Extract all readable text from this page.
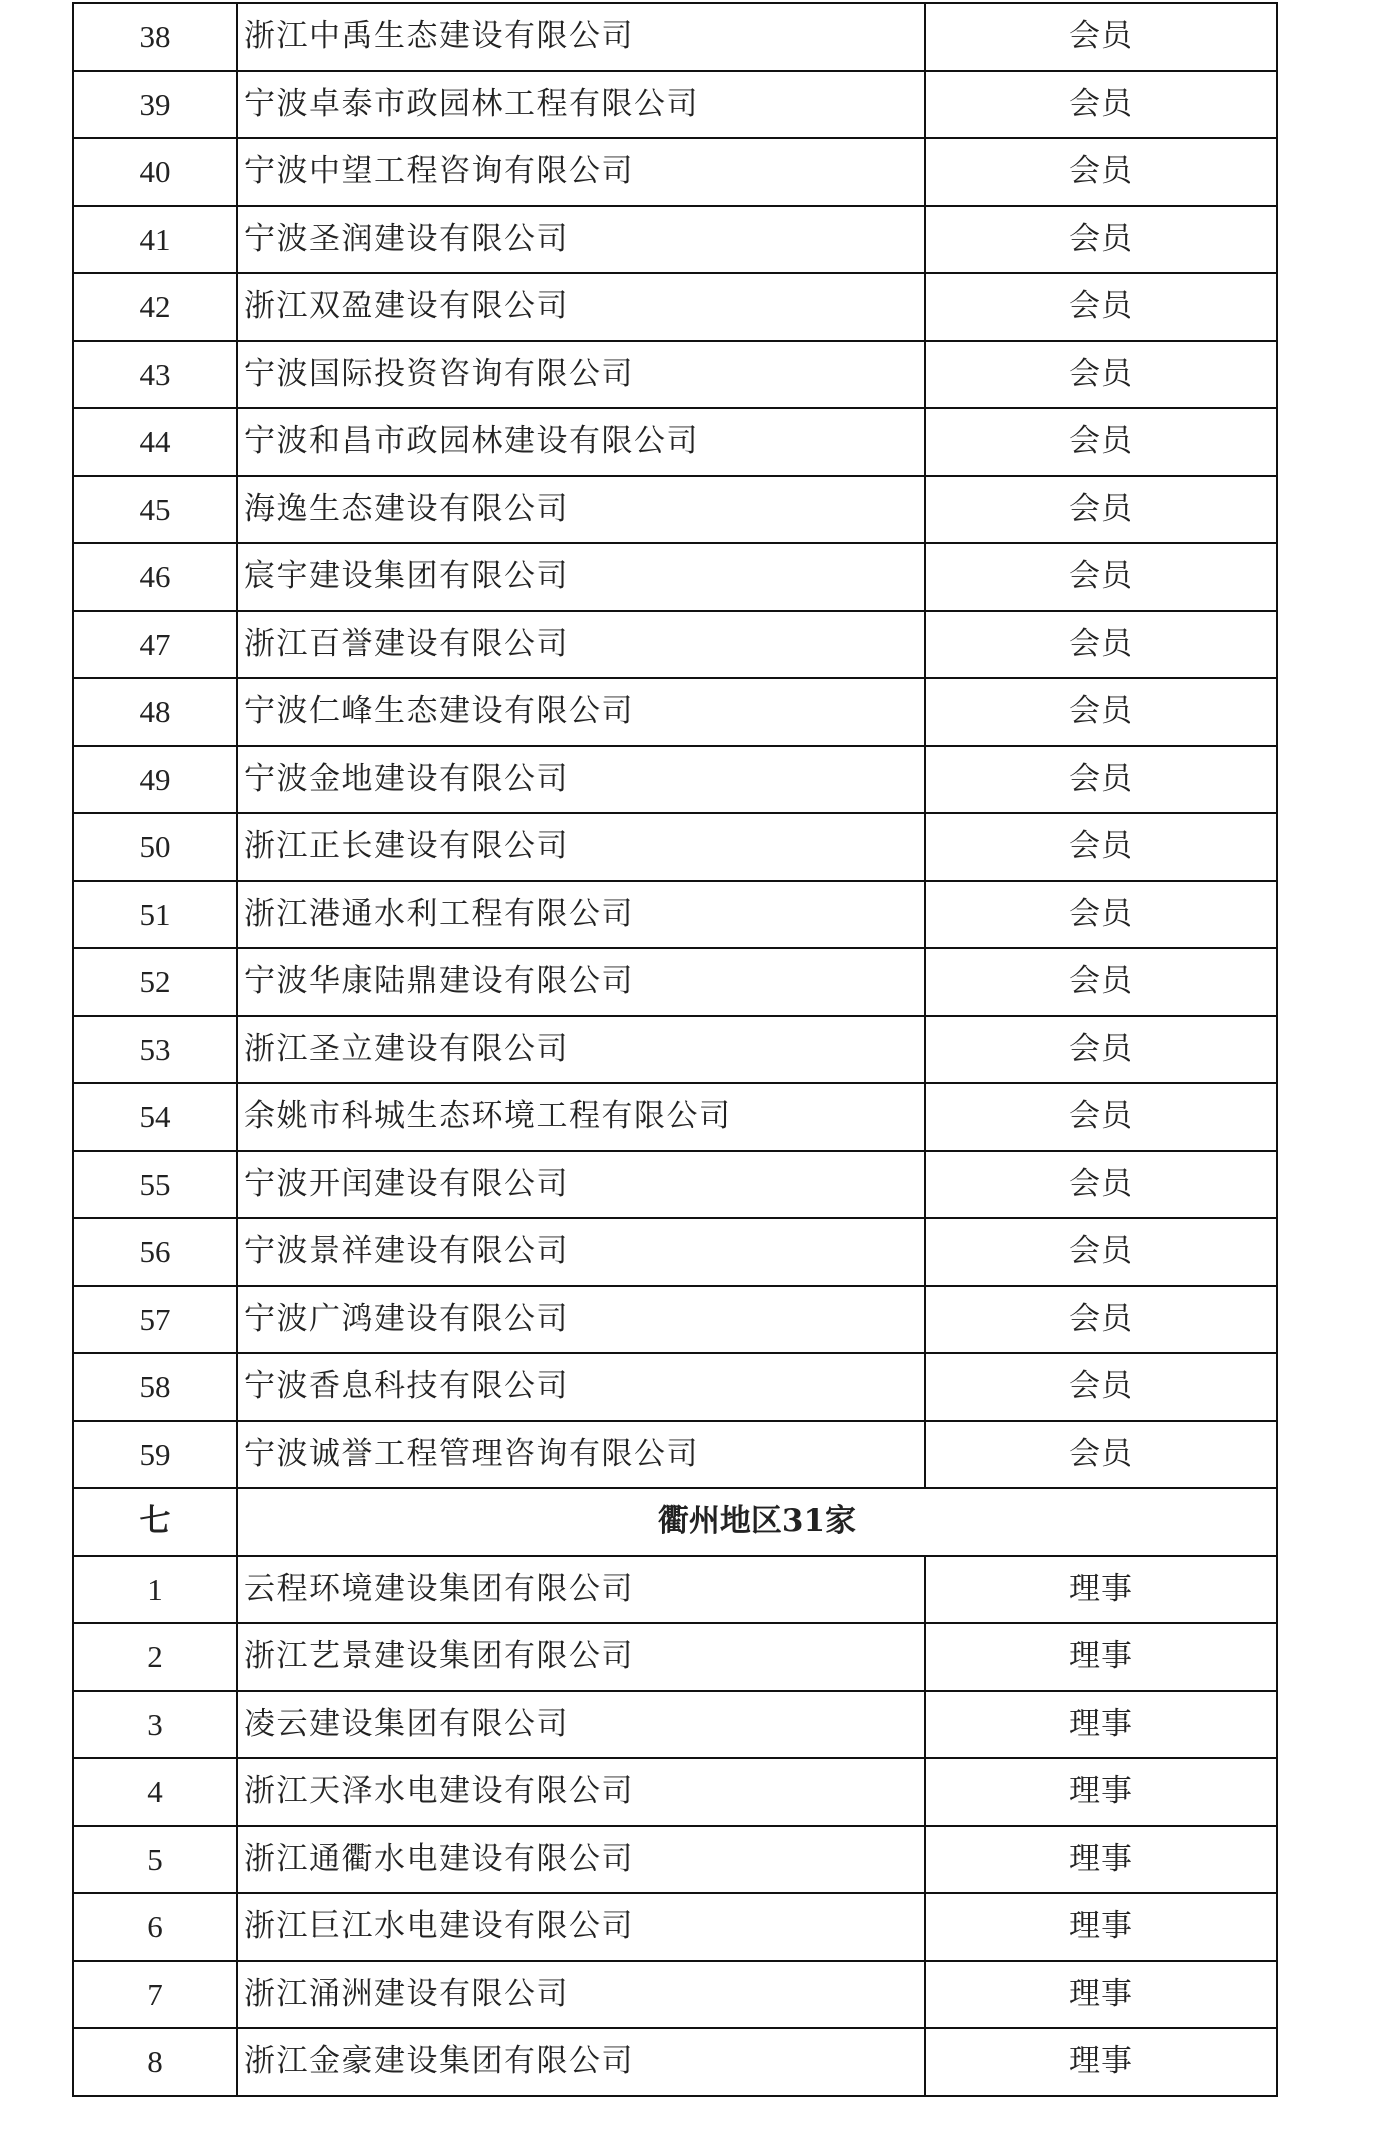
38	浙江中禹生态建设有限公司	会员
39	宁波卓泰市政园林工程有限公司	会员
40	宁波中望工程咨询有限公司	会员
41	宁波圣润建设有限公司	会员
42	浙江双盈建设有限公司	会员
43	宁波国际投资咨询有限公司	会员
44	宁波和昌市政园林建设有限公司	会员
45	海逸生态建设有限公司	会员
46	宸宇建设集团有限公司	会员
47	浙江百誉建设有限公司	会员
48	宁波仁峰生态建设有限公司	会员
49	宁波金地建设有限公司	会员
50	浙江正长建设有限公司	会员
51	浙江港通水利工程有限公司	会员
52	宁波华康陆鼎建设有限公司	会员
53	浙江圣立建设有限公司	会员
54	余姚市科城生态环境工程有限公司	会员
55	宁波开闰建设有限公司	会员
56	宁波景祥建设有限公司	会员
57	宁波广鸿建设有限公司	会员
58	宁波香息科技有限公司	会员
59	宁波诚誉工程管理咨询有限公司	会员
七	衢州地区31家	
1	云程环境建设集团有限公司	理事
2	浙江艺景建设集团有限公司	理事
3	凌云建设集团有限公司	理事
4	浙江天泽水电建设有限公司	理事
5	浙江通衢水电建设有限公司	理事
6	浙江巨江水电建设有限公司	理事
7	浙江涌洲建设有限公司	理事
8	浙江金豪建设集团有限公司	理事
